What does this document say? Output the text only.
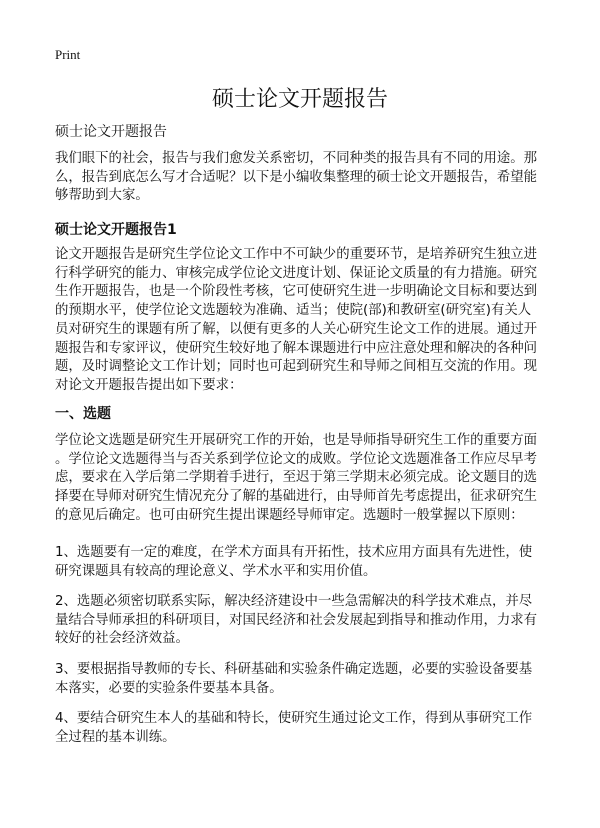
Print
硕士论文开题报告
硕士论文开题报告
我们眼下的社会，报告与我们愈发关系密切，不同种类的报告具有不同的用途。那
么，报告到底怎么写才合适呢？以下是小编收集整理的硕士论文开题报告，希望能
够帮助到大家。
硕士论文开题报告1
论文开题报告是研究生学位论文工作中不可缺少的重要环节，是培养研究生独立进
行科学研究的能力、审核完成学位论文进度计划、保证论文质量的有力措施。研究
生作开题报告，也是一个阶段性考核，它可使研究生进一步明确论文目标和要达到
的预期水平，使学位论文选题较为准确、适当；使院(部)和教研室(研究室)有关人
员对研究生的课题有所了解，以便有更多的人关心研究生论文工作的进展。通过开
题报告和专家评议，使研究生较好地了解本课题进行中应注意处理和解决的各种问
题，及时调整论文工作计划；同时也可起到研究生和导师之间相互交流的作用。现
对论文开题报告提出如下要求：
一、选题
学位论文选题是研究生开展研究工作的开始，也是导师指导研究生工作的重要方面
。学位论文选题得当与否关系到学位论文的成败。学位论文选题准备工作应尽早考
虑，要求在入学后第二学期着手进行，至迟于第三学期末必须完成。论文题目的选
择要在导师对研究生情况充分了解的基础进行，由导师首先考虑提出，征求研究生
的意见后确定。也可由研究生提出课题经导师审定。选题时一般掌握以下原则：
1、选题要有一定的难度，在学术方面具有开拓性，技术应用方面具有先进性，使
研究课题具有较高的理论意义、学术水平和实用价值。
2、选题必须密切联系实际，解决经济建设中一些急需解决的科学技术难点，并尽
量结合导师承担的科研项目，对国民经济和社会发展起到指导和推动作用，力求有
较好的社会经济效益。
3、要根据指导教师的专长、科研基础和实验条件确定选题，必要的实验设备要基
本落实，必要的实验条件要基本具备。
4、要结合研究生本人的基础和特长，使研究生通过论文工作，得到从事研究工作
全过程的基本训练。
